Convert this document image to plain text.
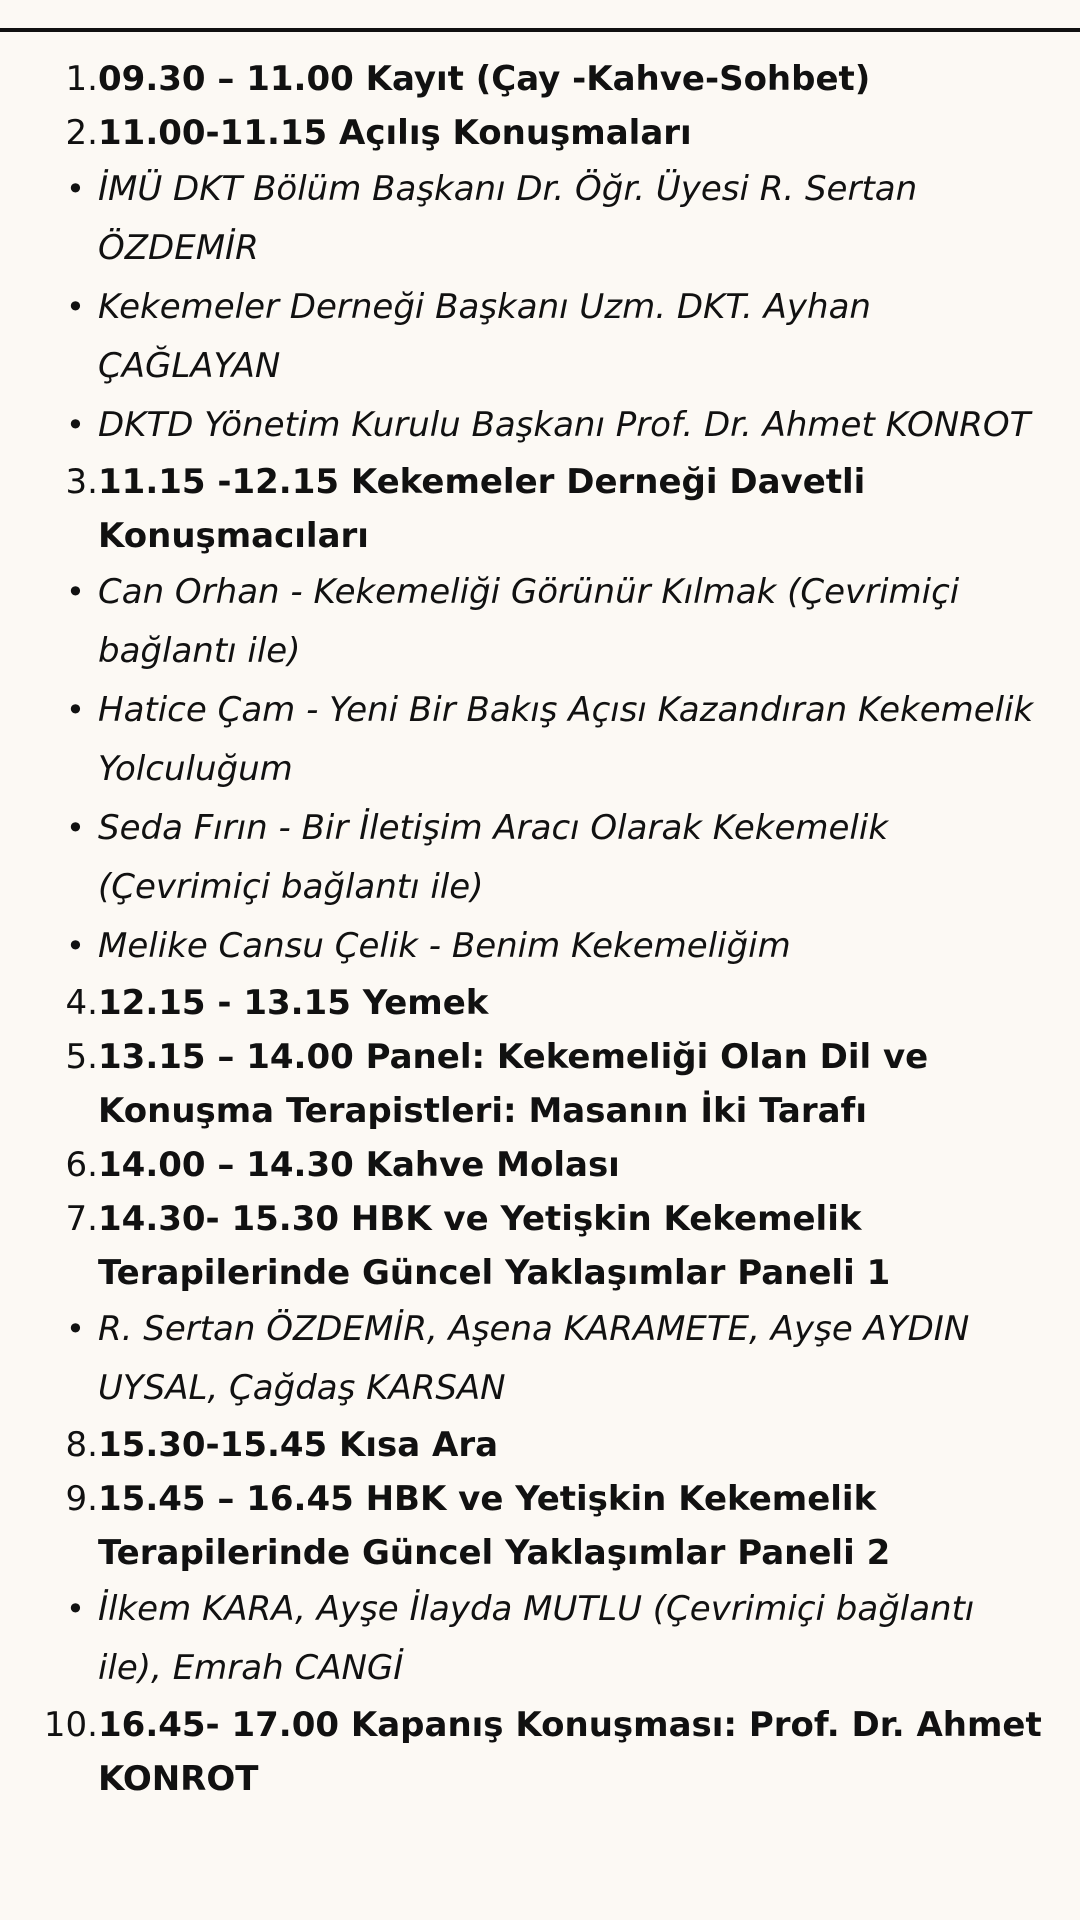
1. 09.30 – 11.00 Kayıt (Çay -Kahve-Sohbet)
2. 11.00-11.15 Açılış Konuşmaları
• İMÜ DKT Bölüm Başkanı Dr. Öğr. Üyesi R. Sertan ÖZDEMİR
• Kekemeler Derneği Başkanı Uzm. DKT. Ayhan ÇAĞLAYAN
• DKTD Yönetim Kurulu Başkanı Prof. Dr. Ahmet KONROT
3. 11.15 -12.15 Kekemeler Derneği Davetli Konuşmacıları
• Can Orhan - Kekemeliği Görünür Kılmak (Çevrimiçi bağlantı ile)
• Hatice Çam - Yeni Bir Bakış Açısı Kazandıran Kekemelik Yolculuğum
• Seda Fırın - Bir İletişim Aracı Olarak Kekemelik (Çevrimiçi bağlantı ile)
• Melike Cansu Çelik - Benim Kekemeliğim
4. 12.15 - 13.15 Yemek
5. 13.15 – 14.00 Panel: Kekemeliği Olan Dil ve Konuşma Terapistleri: Masanın İki Tarafı
6. 14.00 – 14.30 Kahve Molası
7. 14.30- 15.30 HBK ve Yetişkin Kekemelik Terapilerinde Güncel Yaklaşımlar Paneli 1
• R. Sertan ÖZDEMİR, Aşena KARAMETE, Ayşe AYDIN UYSAL, Çağdaş KARSAN
8. 15.30-15.45 Kısa Ara
9. 15.45 – 16.45 HBK ve Yetişkin Kekemelik Terapilerinde Güncel Yaklaşımlar Paneli 2
• İlkem KARA, Ayşe İlayda MUTLU (Çevrimiçi bağlantı ile), Emrah CANGİ
10. 16.45- 17.00 Kapanış Konuşması: Prof. Dr. Ahmet KONROT
